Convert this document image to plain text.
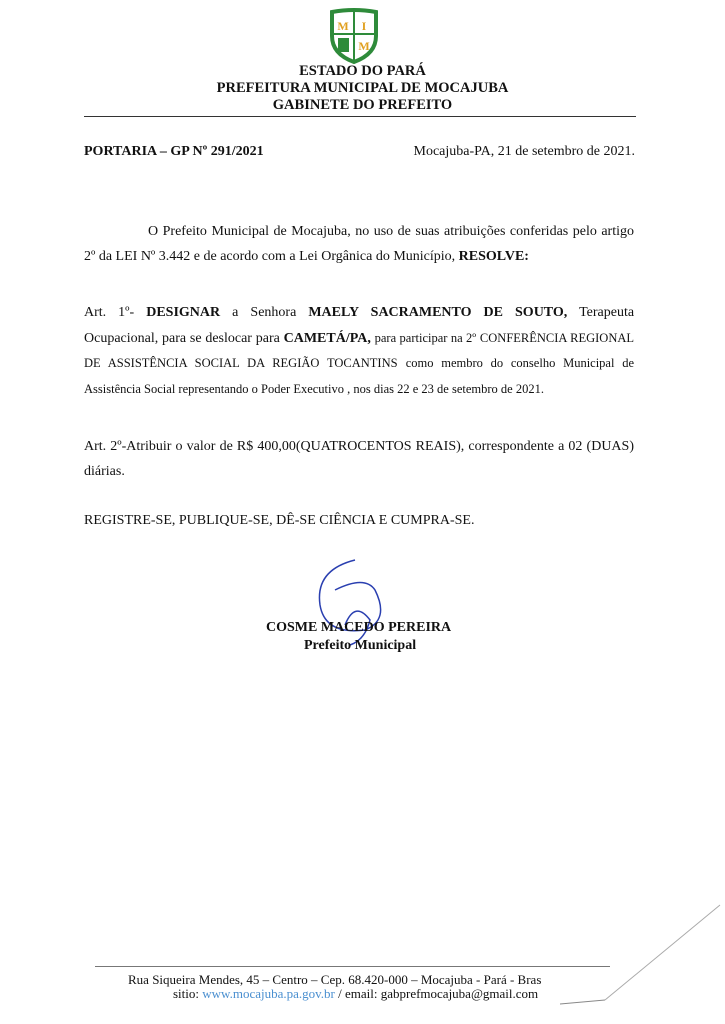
M I
M
ESTADO DO PARÁ
PREFEITURA MUNICIPAL DE MOCAJUBA
GABINETE DO PREFEITO
PORTARIA – GP Nº 291/2021	Mocajuba-PA, 21 de setembro de 2021.
O Prefeito Municipal de Mocajuba, no uso de suas atribuições conferidas pelo artigo 2º da LEI Nº 3.442 e de acordo com a Lei Orgânica do Município, RESOLVE:
Art. 1º- DESIGNAR a Senhora MAELY SACRAMENTO DE SOUTO, Terapeuta Ocupacional, para se deslocar para CAMETÁ/PA, para participar na 2º CONFERÊNCIA REGIONAL DE ASSISTÊNCIA SOCIAL DA REGIÃO TOCANTINS como membro do conselho Municipal de Assistência Social representando o Poder Executivo , nos dias 22 e 23 de setembro de 2021.
Art. 2º-Atribuir o valor de R$ 400,00(QUATROCENTOS REAIS), correspondente a 02 (DUAS) diárias.
REGISTRE-SE, PUBLIQUE-SE, DÊ-SE CIÊNCIA E CUMPRA-SE.
COSME MACEDO PEREIRA
Prefeito Municipal
Rua Siqueira Mendes, 45 – Centro – Cep. 68.420-000 – Mocajuba - Pará - Bras
sitio: www.mocajuba.pa.gov.br / email: gabprefmocajuba@gmail.com
